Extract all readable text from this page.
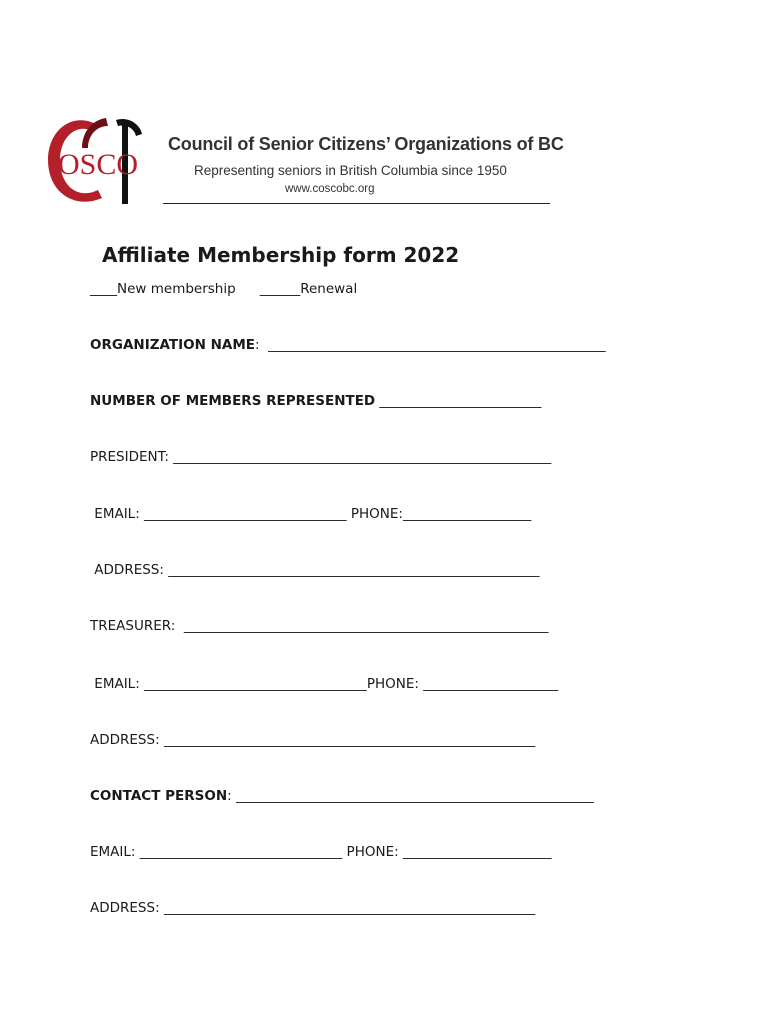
OSCO
Council of Senior Citizens’ Organizations of BC
Representing seniors in British Columbia since 1950
www.coscobc.org
Affiliate Membership form 2022
____New membership ______Renewal
ORGANIZATION NAME:  __________________________________________________
NUMBER OF MEMBERS REPRESENTED ________________________
PRESIDENT: ________________________________________________________
EMAIL: ______________________________ PHONE:___________________
ADDRESS: _______________________________________________________
TREASURER:  ______________________________________________________
EMAIL: _________________________________PHONE: ____________________
ADDRESS: _______________________________________________________
CONTACT PERSON: _____________________________________________________
EMAIL: ______________________________ PHONE: ______________________
ADDRESS: _______________________________________________________
